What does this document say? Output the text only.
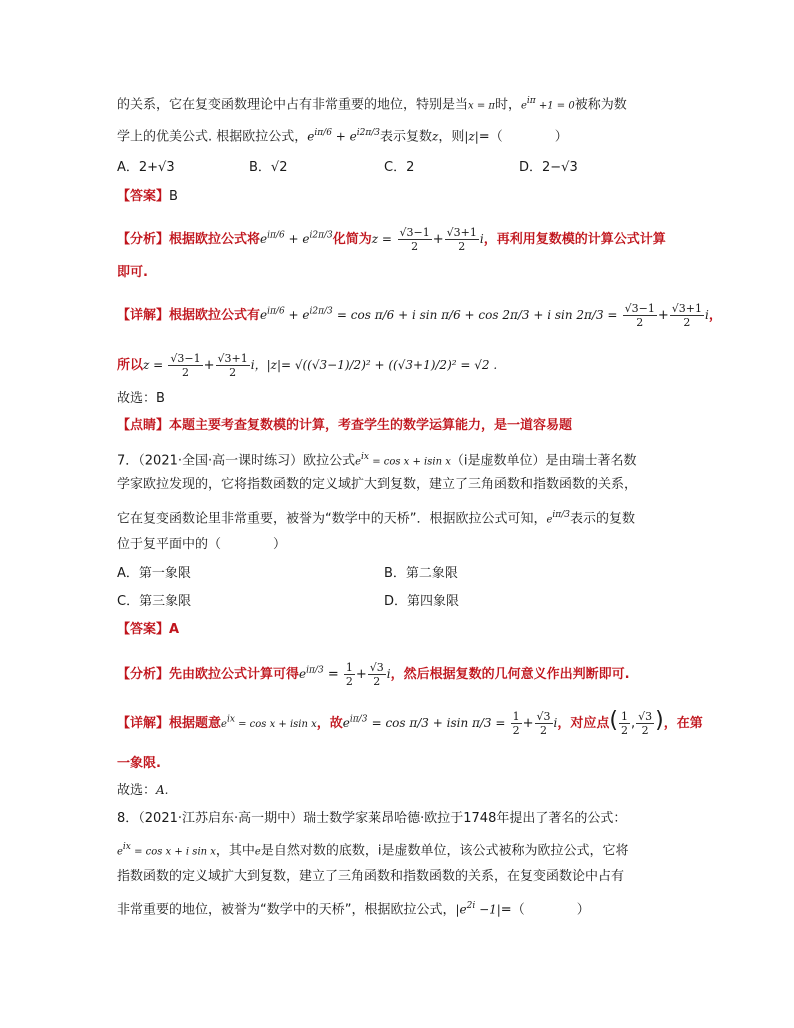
的关系，它在复变函数理论中占有非常重要的地位，特别是当x = π时，$e^{i\pi} +1 = 0$被称为数
学上的优美公式. 根据欧拉公式，$e^{i\pi/6} + e^{i2\pi/3}$表示复数z，则|z|=（　　　　）
A．2+√3	B．√2	C．2	D．2−√3
【答案】B
【分析】根据欧拉公式将$e^{i\pi/6} + e^{i2\pi/3}$化简为$z = \frac{√3-1}{2} + \frac{√3+1}{2}$ i，再利用复数模的计算公式计算
即可.
【详解】根据欧拉公式有$e^{i\pi/6} + e^{i2\pi/3} = \cos \pi/6 + i$ sin π/6 + cos 2π/3 + i $\sin 2\pi/3 = \frac{√3-1}{2} + \frac{√3+1}{2}$ i，
所以$z = \frac{√3-1}{2} + \frac{√3+1}{2}$ i，|z|= √((√3−1)/2)² + ((√3+1)/2)² = √2 .
故选：B
【点睛】本题主要考查复数模的计算，考查学生的数学运算能力，是一道容易题
7．（2021·全国·高一课时练习）欧拉公式$e^{ix} = \cos x + isin$ x（i是虚数单位）是由瑞士著名数
学家欧拉发现的，它将指数函数的定义域扩大到复数，建立了三角函数和指数函数的关系，
它在复变函数论里非常重要，被誉为“数学中的天桥”．根据欧拉公式可知，$e^{i\pi/3}$表示的复数
位于复平面中的（　　　　）
A．第一象限	B．第二象限
C．第三象限	D．第四象限
【答案】A
【分析】先由欧拉公式计算可得$e^{i\pi/3} = \frac{1}{2} + \frac{√3}{2}$ i，然后根据复数的几何意义作出判断即可.
【详解】根据题意$e^{ix} = \cos x + isin$ x，故$e^{i\pi/3} = \cos \pi/3 + isin$ $\pi/3 = \frac{1}{2} + \frac{√3}{2}$ i，对应点( $\frac{1}{2}$ , $\frac{√3}{2}$ )，在第
一象限.
故选：A.
8．（2021·江苏启东·高一期中）瑞士数学家莱昂哈德·欧拉于1748年提出了著名的公式：
$e^{ix} = \cos x + i$ sin x，其中e是自然对数的底数，i是虚数单位，该公式被称为欧拉公式，它将
指数函数的定义域扩大到复数，建立了三角函数和指数函数的关系，在复变函数论中占有
非常重要的地位，被誉为“数学中的天桥”，根据欧拉公式，$|e^{2i} -1|=$（　　　　）
